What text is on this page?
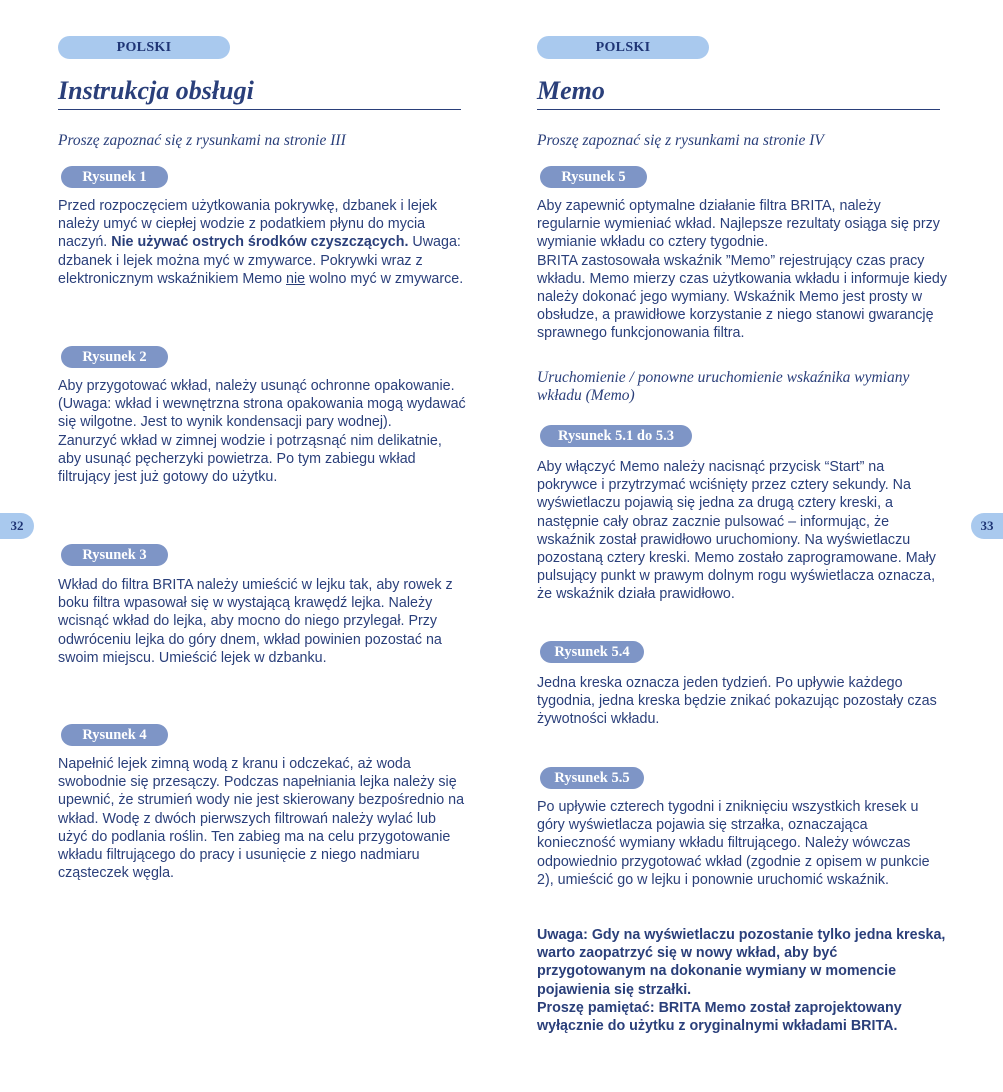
32	33
POLSKI
Instrukcja obsługi
Proszę zapoznać się z rysunkami na stronie III
Rysunek 1
Przed rozpoczęciem użytkowania pokrywkę, dzbanek i lejek należy umyć w ciepłej wodzie z podatkiem płynu do mycia naczyń. Nie używać ostrych środków czyszczących. Uwaga: dzbanek i lejek można myć w zmywarce. Pokrywki wraz z elektronicznym wskaźnikiem Memo nie wolno myć w zmywarce.
Rysunek 2
Aby przygotować wkład, należy usunąć ochronne opakowanie. (Uwaga: wkład i wewnętrzna strona opakowania mogą wydawać się wilgotne. Jest to wynik kondensacji pary wodnej).
Zanurzyć wkład w zimnej wodzie i potrząsnąć nim delikatnie, aby usunąć pęcherzyki powietrza. Po tym zabiegu wkład filtrujący jest już gotowy do użytku.
Rysunek 3
Wkład do filtra BRITA należy umieścić w lejku tak, aby rowek z boku filtra wpasował się w wystającą krawędź lejka. Należy wcisnąć wkład do lejka, aby mocno do niego przylegał. Przy odwróceniu lejka do góry dnem, wkład powinien pozostać na swoim miejscu. Umieścić lejek w dzbanku.
Rysunek 4
Napełnić lejek zimną wodą z kranu i odczekać, aż woda swobodnie się przesączy. Podczas napełniania lejka należy się upewnić, że strumień wody nie jest skierowany bezpośrednio na wkład. Wodę z dwóch pierwszych filtrowań należy wylać lub użyć do podlania roślin. Ten zabieg ma na celu przygotowanie wkładu filtrującego do pracy i usunięcie z niego nadmiaru cząsteczek węgla.
POLSKI
Memo
Proszę zapoznać się z rysunkami na stronie IV
Rysunek 5
Aby zapewnić optymalne działanie filtra BRITA, należy regularnie wymieniać wkład. Najlepsze rezultaty osiąga się przy wymianie wkładu co cztery tygodnie.
BRITA zastosowała wskaźnik ”Memo” rejestrujący czas pracy wkładu. Memo mierzy czas użytkowania wkładu i informuje kiedy należy dokonać jego wymiany. Wskaźnik Memo jest prosty w obsłudze, a prawidłowe korzystanie z niego stanowi gwarancję sprawnego funkcjonowania filtra.
Uruchomienie / ponowne uruchomienie wskaźnika wymiany wkładu (Memo)
Rysunek 5.1 do 5.3
Aby włączyć Memo należy nacisnąć przycisk “Start” na pokrywce i przytrzymać wciśnięty przez cztery sekundy. Na wyświetlaczu pojawią się jedna za drugą cztery kreski, a następnie cały obraz zacznie pulsować – informując, że wskaźnik został prawidłowo uruchomiony. Na wyświetlaczu pozostaną cztery kreski. Memo zostało zaprogramowane. Mały pulsujący punkt w prawym dolnym rogu wyświetlacza oznacza, że wskaźnik działa prawidłowo.
Rysunek 5.4
Jedna kreska oznacza jeden tydzień. Po upływie każdego tygodnia, jedna kreska będzie znikać pokazując pozostały czas żywotności wkładu.
Rysunek 5.5
Po upływie czterech tygodni i zniknięciu wszystkich kresek u góry wyświetlacza pojawia się strzałka, oznaczająca konieczność wymiany wkładu filtrującego. Należy wówczas odpowiednio przygotować wkład (zgodnie z opisem w punkcie 2), umieścić go w lejku i ponownie uruchomić wskaźnik.
Uwaga: Gdy na wyświetlaczu pozostanie tylko jedna kreska, warto zaopatrzyć się w nowy wkład, aby być przygotowanym na dokonanie wymiany w momencie pojawienia się strzałki.
Proszę pamiętać: BRITA Memo został zaprojektowany wyłącznie do użytku z oryginalnymi wkładami BRITA.
